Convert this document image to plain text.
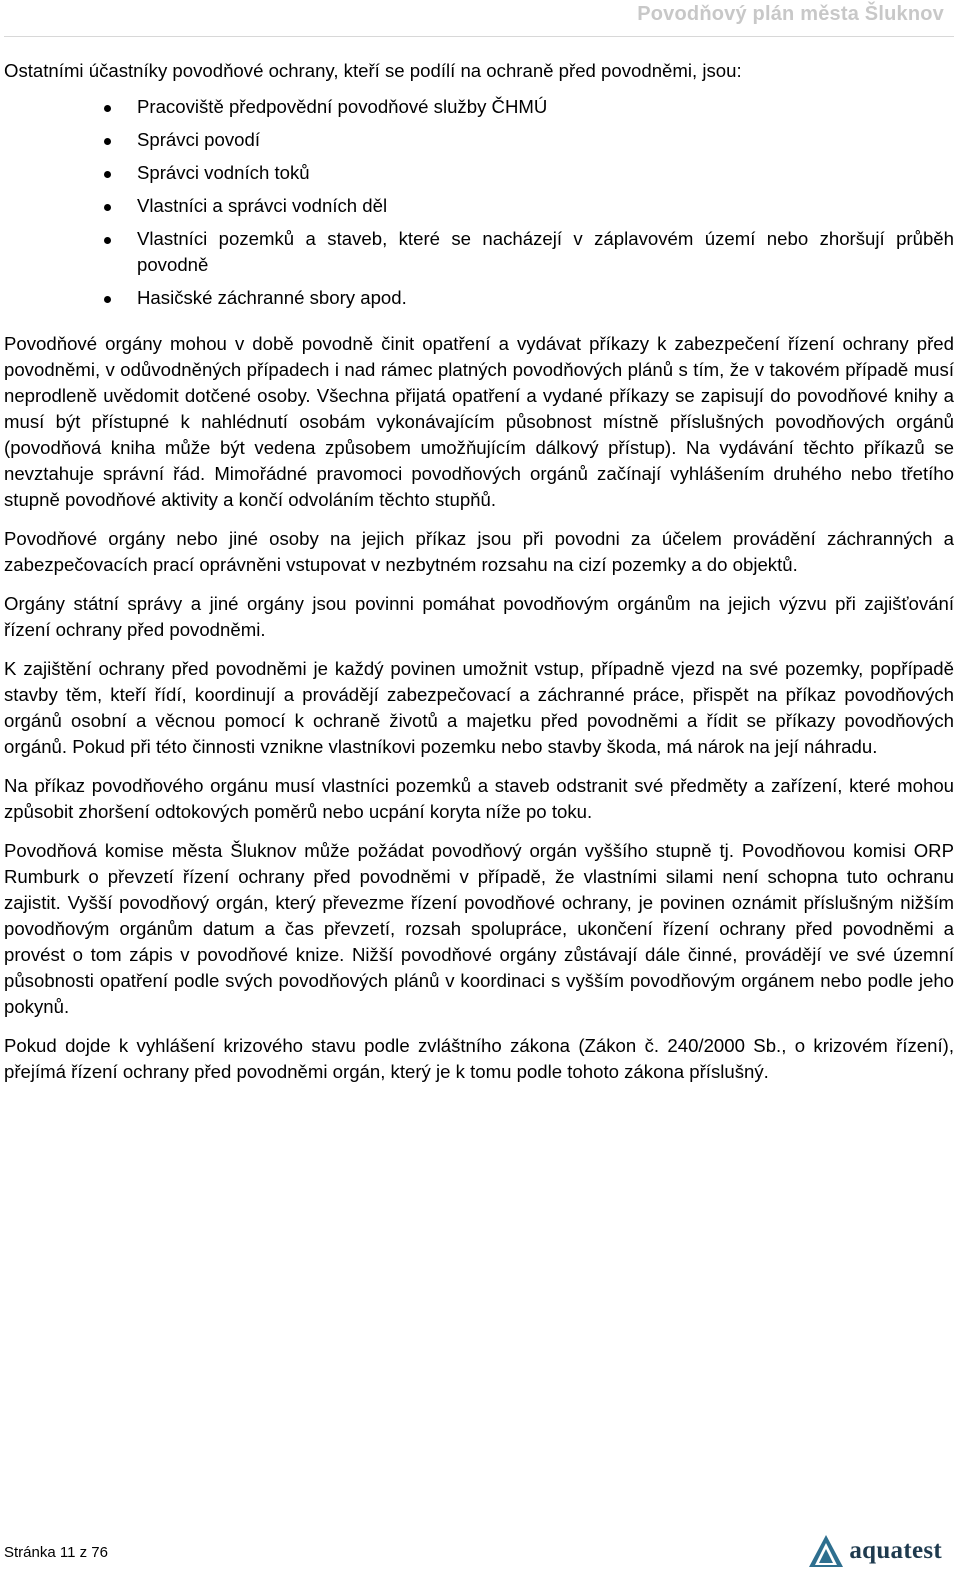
Povodňový plán města Šluknov

Ostatními účastníky povodňové ochrany, kteří se podílí na ochraně před povodněmi, jsou:

Pracoviště předpovědní povodňové služby ČHMÚ
Správci povodí
Správci vodních toků
Vlastníci a správci vodních děl
Vlastníci pozemků a staveb, které se nacházejí v záplavovém území nebo zhoršují průběh povodně
Hasičské záchranné sbory apod.

Povodňové orgány mohou v době povodně činit opatření a vydávat příkazy k zabezpečení řízení ochrany před povodněmi, v odůvodněných případech i nad rámec platných povodňových plánů s tím, že v takovém případě musí neprodleně uvědomit dotčené osoby. Všechna přijatá opatření a vydané příkazy se zapisují do povodňové knihy a musí být přístupné k nahlédnutí osobám vykonávajícím působnost místně příslušných povodňových orgánů (povodňová kniha může být vedena způsobem umožňujícím dálkový přístup). Na vydávání těchto příkazů se nevztahuje správní řád. Mimořádné pravomoci povodňových orgánů začínají vyhlášením druhého nebo třetího stupně povodňové aktivity a končí odvoláním těchto stupňů.

Povodňové orgány nebo jiné osoby na jejich příkaz jsou při povodni za účelem provádění záchranných a zabezpečovacích prací oprávněni vstupovat v nezbytném rozsahu na cizí pozemky a do objektů.

Orgány státní správy a jiné orgány jsou povinni pomáhat povodňovým orgánům na jejich výzvu při zajišťování řízení ochrany před povodněmi.

K zajištění ochrany před povodněmi je každý povinen umožnit vstup, případně vjezd na své pozemky, popřípadě stavby těm, kteří řídí, koordinují a provádějí zabezpečovací a záchranné práce, přispět na příkaz povodňových orgánů osobní a věcnou pomocí k ochraně životů a majetku před povodněmi a řídit se příkazy povodňových orgánů. Pokud při této činnosti vznikne vlastníkovi pozemku nebo stavby škoda, má nárok na její náhradu.

Na příkaz povodňového orgánu musí vlastníci pozemků a staveb odstranit své předměty a zařízení, které mohou způsobit zhoršení odtokových poměrů nebo ucpání koryta níže po toku.

Povodňová komise města Šluknov může požádat povodňový orgán vyššího stupně tj. Povodňovou komisi ORP Rumburk o převzetí řízení ochrany před povodněmi v případě, že vlastními silami není schopna tuto ochranu zajistit. Vyšší povodňový orgán, který převezme řízení povodňové ochrany, je povinen oznámit příslušným nižším povodňovým orgánům datum a čas převzetí, rozsah spolupráce, ukončení řízení ochrany před povodněmi a provést o tom zápis v povodňové knize. Nižší povodňové orgány zůstávají dále činné, provádějí ve své územní působnosti opatření podle svých povodňových plánů v koordinaci s vyšším povodňovým orgánem nebo podle jeho pokynů.

Pokud dojde k vyhlášení krizového stavu podle zvláštního zákona (Zákon č. 240/2000 Sb., o krizovém řízení), přejímá řízení ochrany před povodněmi orgán, který je k tomu podle tohoto zákona příslušný.

Stránka 11 z 76	aquatest
